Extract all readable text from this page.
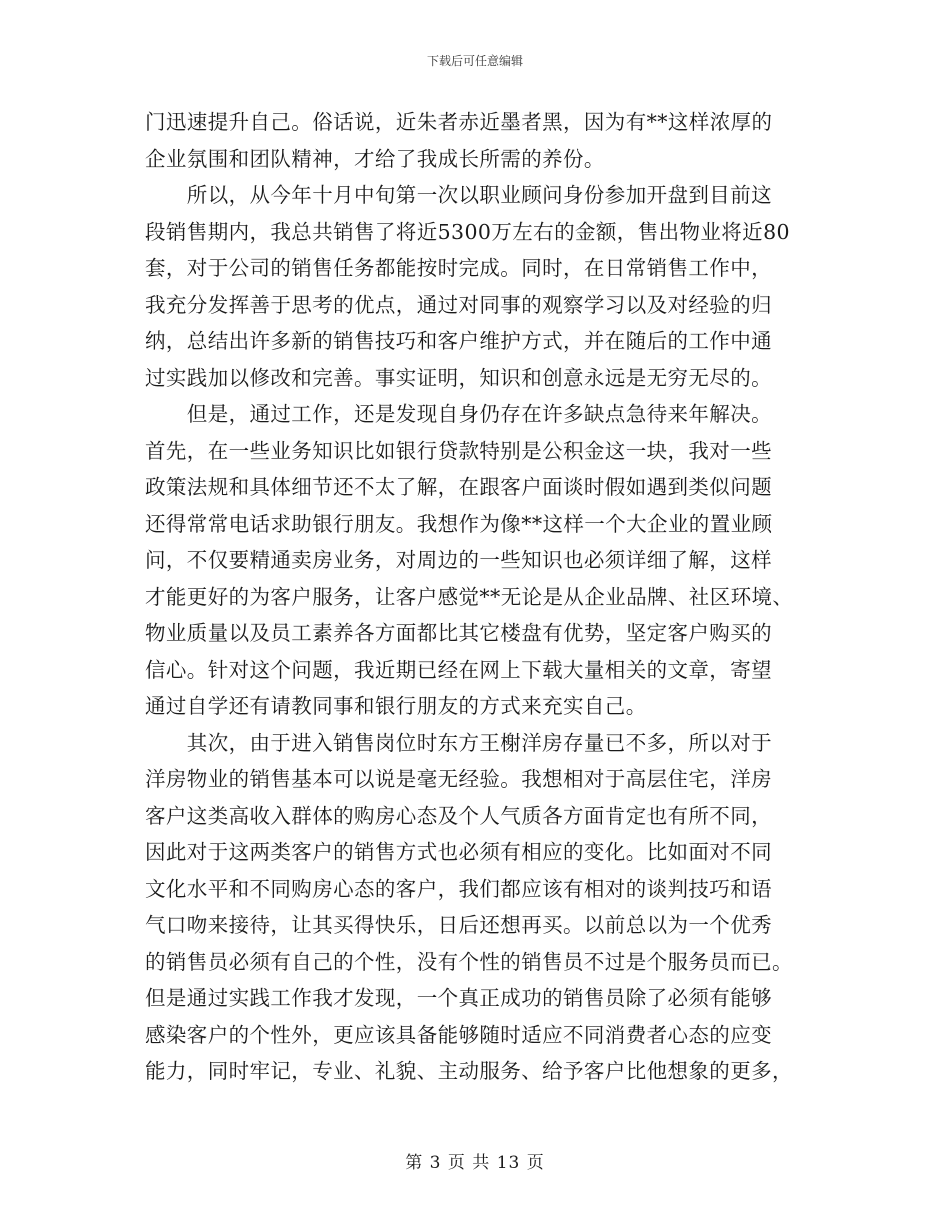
下载后可任意编辑
门迅速提升自己。俗话说，近朱者赤近墨者黑，因为有**这样浓厚的
企业氛围和团队精神，才给了我成长所需的养份。
　　所以，从今年十月中旬第一次以职业顾问身份参加开盘到目前这
段销售期内，我总共销售了将近5300万左右的金额，售出物业将近80
套，对于公司的销售任务都能按时完成。同时，在日常销售工作中，
我充分发挥善于思考的优点，通过对同事的观察学习以及对经验的归
纳，总结出许多新的销售技巧和客户维护方式，并在随后的工作中通
过实践加以修改和完善。事实证明，知识和创意永远是无穷无尽的。
　　但是，通过工作，还是发现自身仍存在许多缺点急待来年解决。
首先，在一些业务知识比如银行贷款特别是公积金这一块，我对一些
政策法规和具体细节还不太了解，在跟客户面谈时假如遇到类似问题
还得常常电话求助银行朋友。我想作为像**这样一个大企业的置业顾
问，不仅要精通卖房业务，对周边的一些知识也必须详细了解，这样
才能更好的为客户服务，让客户感觉**无论是从企业品牌、社区环境、
物业质量以及员工素养各方面都比其它楼盘有优势，坚定客户购买的
信心。针对这个问题，我近期已经在网上下载大量相关的文章，寄望
通过自学还有请教同事和银行朋友的方式来充实自己。
　　其次，由于进入销售岗位时东方王榭洋房存量已不多，所以对于
洋房物业的销售基本可以说是毫无经验。我想相对于高层住宅，洋房
客户这类高收入群体的购房心态及个人气质各方面肯定也有所不同，
因此对于这两类客户的销售方式也必须有相应的变化。比如面对不同
文化水平和不同购房心态的客户，我们都应该有相对的谈判技巧和语
气口吻来接待，让其买得快乐，日后还想再买。以前总以为一个优秀
的销售员必须有自己的个性，没有个性的销售员不过是个服务员而已。
但是通过实践工作我才发现，一个真正成功的销售员除了必须有能够
感染客户的个性外，更应该具备能够随时适应不同消费者心态的应变
能力，同时牢记，专业、礼貌、主动服务、给予客户比他想象的更多，
第 3 页 共 13 页
